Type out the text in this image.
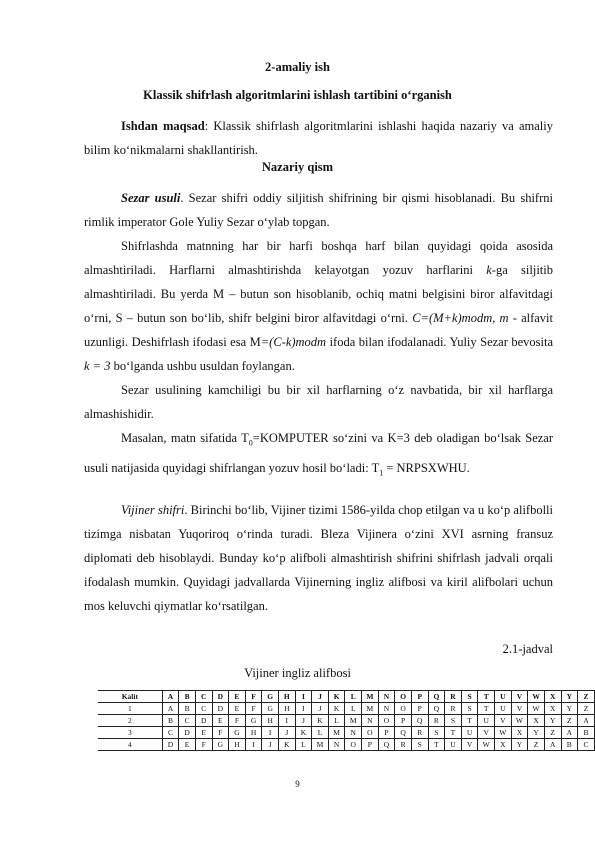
2-amaliy ish
Klassik shifrlash algoritmlarini ishlash tartibini o‘rganish

Ishdan maqsad: Klassik shifrlash algoritmlarini ishlashi haqida nazariy va amaliy bilim ko‘nikmalarni shakllantirish.

Nazariy qism

Sezar usuli. Sezar shifri oddiy siljitish shifrining bir qismi hisoblanadi. Bu shifrni rimlik imperator Gole Yuliy Sezar o‘ylab topgan.

Shifrlashda matnning har bir harfi boshqa harf bilan quyidagi qoida asosida almashtiriladi. Harflarni almashtirishda kelayotgan yozuv harflarini k-ga siljitib almashtiriladi. Bu yerda M – butun son hisoblanib, ochiq matni belgisini biror alfavitdagi o‘rni, S – butun son bo‘lib, shifr belgini biror alfavitdagi o‘rni. C=(M+k)modm, m - alfavit uzunligi. Deshifrlash ifodasi esa M=(C-k)modm ifoda bilan ifodalanadi. Yuliy Sezar bevosita k = 3 bo‘lganda ushbu usuldan foylangan.

Sezar usulining kamchiligi bu bir xil harflarning o‘z navbatida, bir xil harflarga almashishidir.

Masalan, matn sifatida $T_0=KOMPUTER$ so‘zini va K=3 deb oladigan bo‘lsak Sezar usuli natijasida quyidagi shifrlangan yozuv hosil bo‘ladi: $T_1$ = NRPSXWHU.

Vijiner shifri. Birinchi bo‘lib, Vijiner tizimi 1586-yilda chop etilgan va u ko‘p alifbolli tizimga nisbatan Yuqoriroq o‘rinda turadi. Bleza Vijinera o‘zini XVI asrning fransuz diplomati deb hisoblaydi. Bunday ko‘p alifboli almashtirish shifrini shifrlash jadvali orqali ifodalash mumkin. Quyidagi jadvallarda Vijinerning ingliz alifbosi va kiril alifbolari uchun mos keluvchi qiymatlar ko‘rsatilgan.

2.1-jadval
Vijiner ingliz alifbosi
Kalit	A	B	C	D	E	F	G	H	I	J	K	L	M	N	O	P	Q	R	S	T	U	V	W	X	Y	Z
1	A	B	C	D	E	F	G	H	I	J	K	L	M	N	O	P	Q	R	S	T	U	V	W	X	Y	Z
2	B	C	D	E	F	G	H	I	J	K	L	M	N	O	P	Q	R	S	T	U	V	W	X	Y	Z	A
3	C	D	E	F	G	H	I	J	K	L	M	N	O	P	Q	R	S	T	U	V	W	X	Y	Z	A	B
4	D	E	F	G	H	I	J	K	L	M	N	O	P	Q	R	S	T	U	V	W	X	Y	Z	A	B	C
9
